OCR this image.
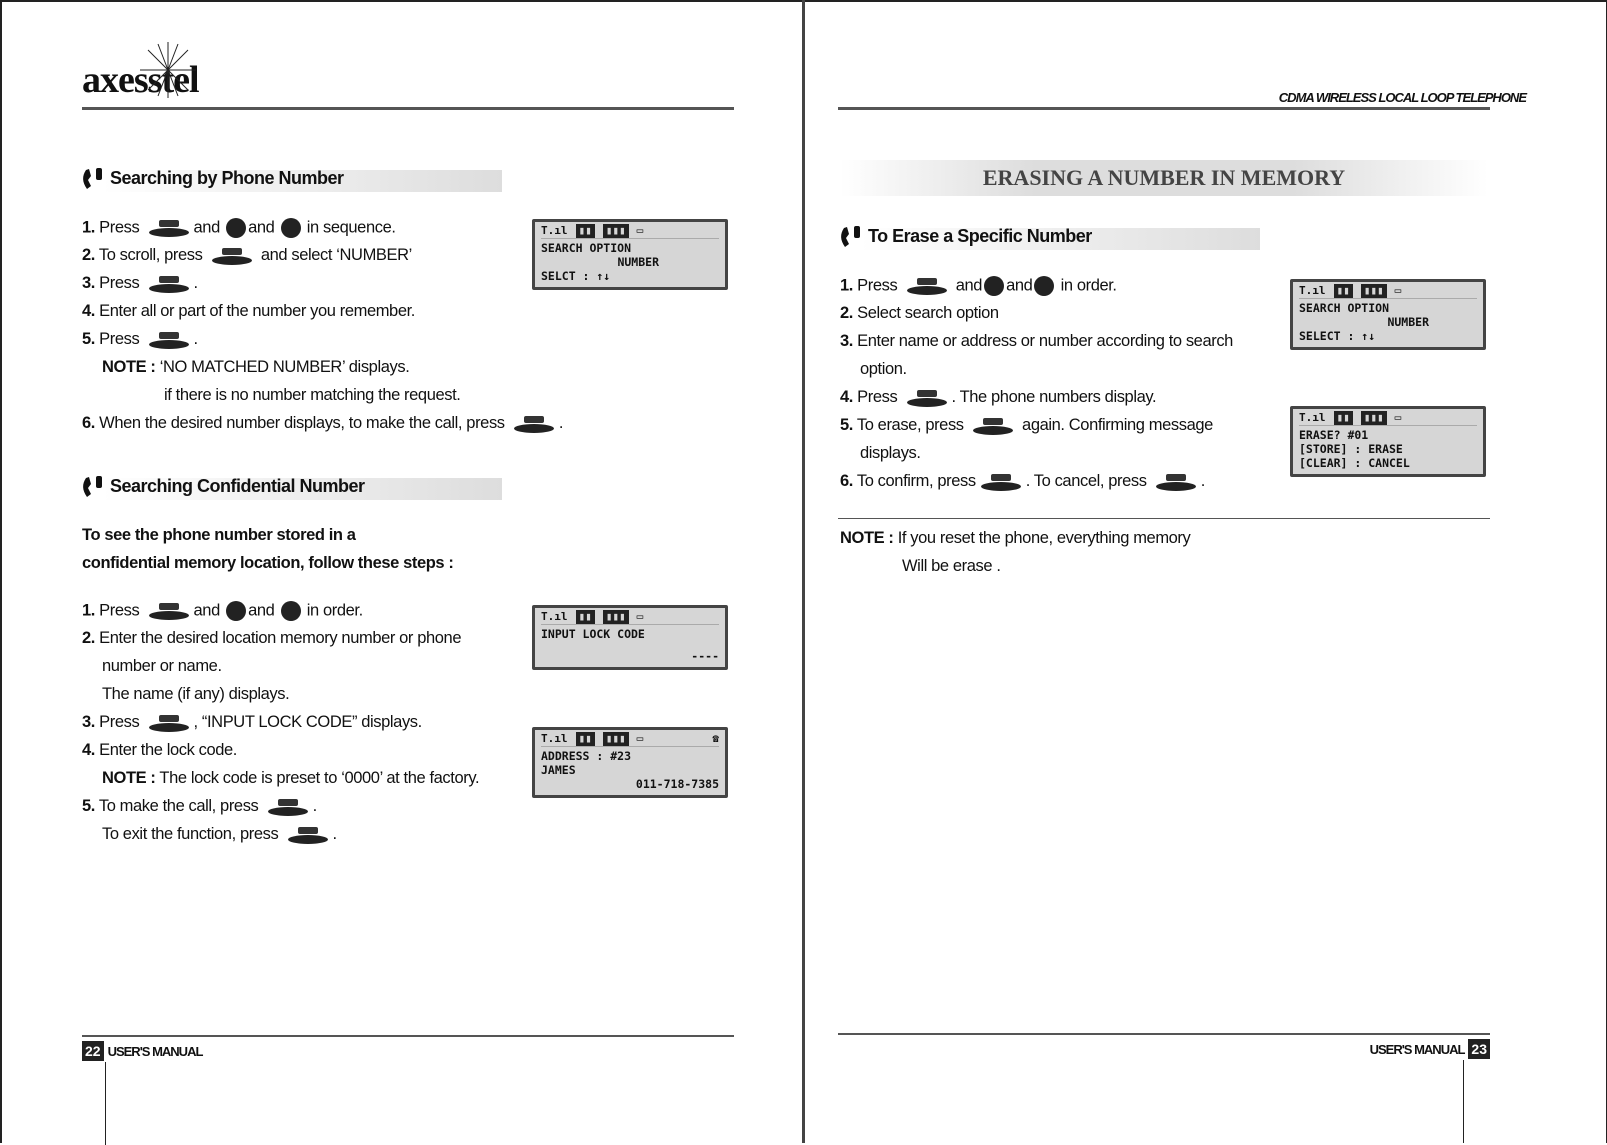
axesstel
Searching by Phone Number
1. Press	and and in sequence.
2. To scroll, press	and select ‘NUMBER’
3. Press	.
4. Enter all or part of the number you remember.
5. Press	.
NOTE : ‘NO MATCHED NUMBER’ displays.
if there is no number matching the request.
6. When the desired number displays, to make the call, press	.
T.ıl ▮▮ ▮▮▮ ▭
SEARCH OPTION
NUMBER
SELCT : ↑↓
Searching Confidential Number
To see the phone number stored in a
confidential memory location, follow these steps :
1. Press	and and in order.
2. Enter the desired location memory number or phone
number or name.
The name (if any) displays.
3. Press	, “INPUT LOCK CODE” displays.
4. Enter the lock code.
NOTE : The lock code is preset to ‘0000’ at the factory.
5. To make the call, press	.
To exit the function, press	.
T.ıl ▮▮ ▮▮▮ ▭
INPUT LOCK CODE
----
T.ıl ▮▮ ▮▮▮ ▭	☎
ADDRESS : #23
JAMES
011-718-7385
22 USER'S MANUAL
CDMA WIRELESS LOCAL LOOP TELEPHONE
ERASING A NUMBER IN MEMORY
To Erase a Specific Number
1. Press	and and in order.
2. Select search option
3. Enter name or address or number according to search
option.
4. Press	. The phone numbers display.
5. To erase, press	again. Confirming message
displays.
6. To confirm, press	. To cancel, press	.
T.ıl ▮▮ ▮▮▮ ▭
SEARCH OPTION
NUMBER
SELECT : ↑↓
T.ıl ▮▮ ▮▮▮ ▭
ERASE? #01
[STORE] : ERASE
[CLEAR] : CANCEL
NOTE : If you reset the phone, everything memory
Will be erase .
USER'S MANUAL 23
